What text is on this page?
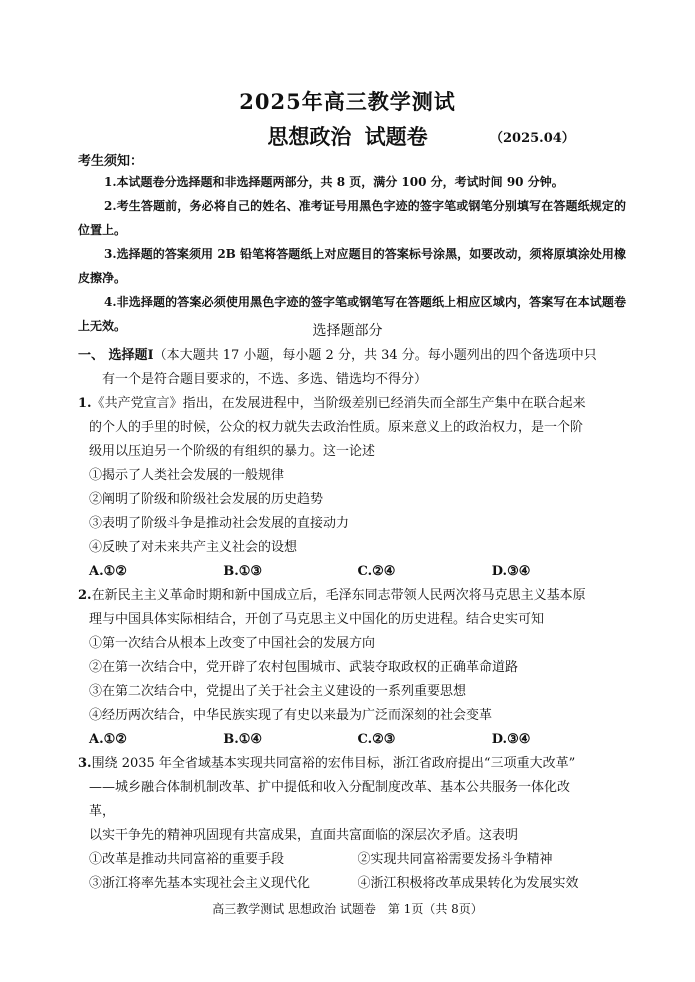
2025年高三教学测试
思想政治 试题卷	（2025.04）
考生须知：

1.本试题卷分选择题和非选择题两部分，共 8 页，满分 100 分，考试时间 90 分钟。

2.考生答题前，务必将自己的姓名、准考证号用黑色字迹的签字笔或钢笔分别填写在答题纸规定的位置上。

3.选择题的答案须用 2B 铅笔将答题纸上对应题目的答案标号涂黑，如要改动，须将原填涂处用橡皮擦净。

4.非选择题的答案必须使用黑色字迹的签字笔或钢笔写在答题纸上相应区域内，答案写在本试题卷上无效。	选择题部分
一、 选择题Ⅰ（本大题共 17 小题，每小题 2 分，共 34 分。每小题列出的四个备选项中只
有一个是符合题目要求的，不选、多选、错选均不得分）

1.《共产党宣言》指出，在发展进程中，当阶级差别已经消失而全部生产集中在联合起来

的个人的手里的时候，公众的权力就失去政治性质。原来意义上的政治权力，是一个阶
级用以压迫另一个阶级的有组织的暴力。这一论述
①揭示了人类社会发展的一般规律
②阐明了阶级和阶级社会发展的历史趋势
③表明了阶级斗争是推动社会发展的直接动力
④反映了对未来共产主义社会的设想
A.①②	B.①③	C.②④	D.③④

2.在新民主主义革命时期和新中国成立后，毛泽东同志带领人民两次将马克思主义基本原

理与中国具体实际相结合，开创了马克思主义中国化的历史进程。结合史实可知
①第一次结合从根本上改变了中国社会的发展方向
②在第一次结合中，党开辟了农村包围城市、武装夺取政权的正确革命道路
③在第二次结合中，党提出了关于社会主义建设的一系列重要思想
④经历两次结合，中华民族实现了有史以来最为广泛而深刻的社会变革
A.①②	B.①④	C.②③	D.③④

3.围绕 2035 年全省域基本实现共同富裕的宏伟目标，浙江省政府提出“三项重大改革”

——城乡融合体制机制改革、扩中提低和收入分配制度改革、基本公共服务一体化改
革，
以实干争先的精神巩固现有共富成果，直面共富面临的深层次矛盾。这表明
①改革是推动共同富裕的重要手段	②实现共同富裕需要发扬斗争精神
③浙江将率先基本实现社会主义现代化	④浙江积极将改革成果转化为发展实效
高三教学测试 思想政治 试题卷　第 1页（共 8页）
